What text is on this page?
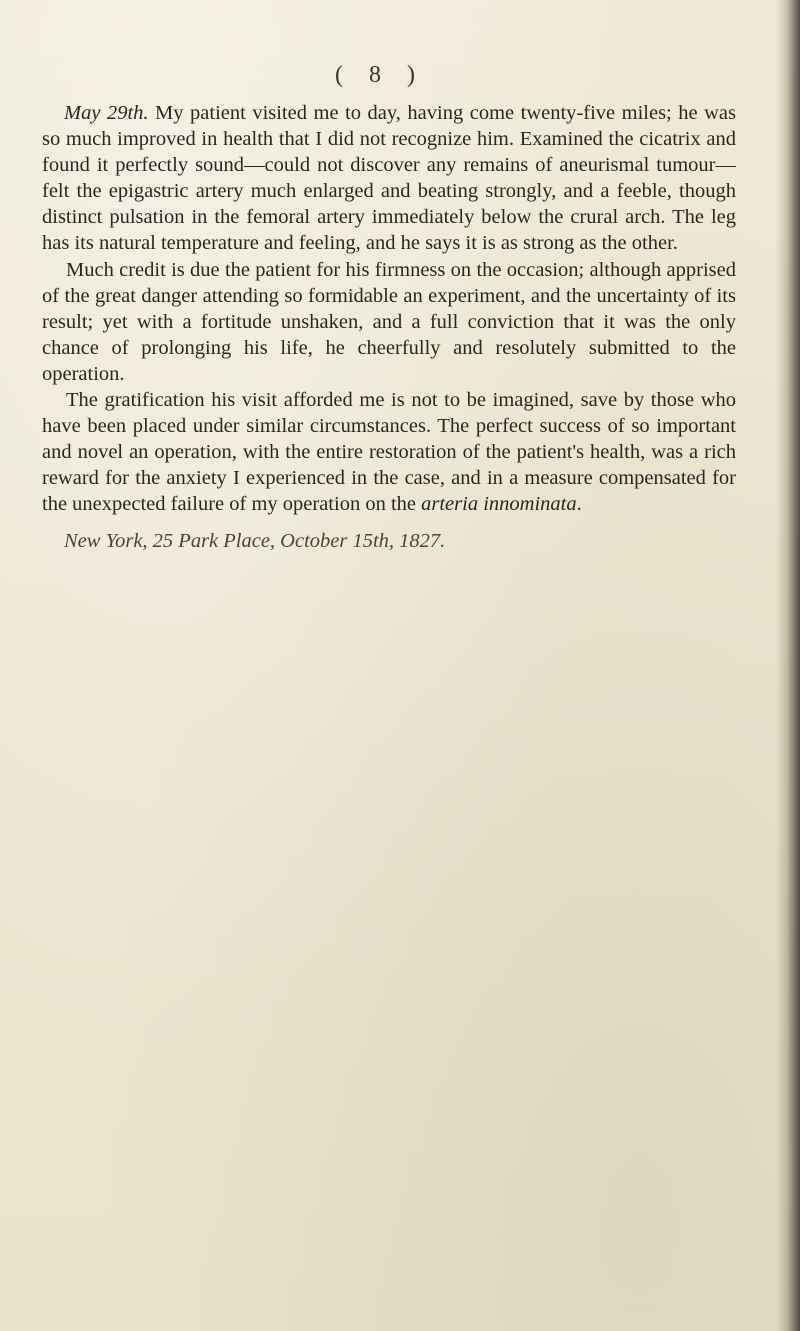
( 8 )

May 29th. My patient visited me to day, having come twenty-five miles; he was so much improved in health that I did not recognize him. Examined the cicatrix and found it perfectly sound—could not discover any remains of aneurismal tumour—felt the epigastric artery much enlarged and beating strongly, and a feeble, though distinct pulsation in the femoral artery immediately below the crural arch. The leg has its natural temperature and feeling, and he says it is as strong as the other.

Much credit is due the patient for his firmness on the occasion; although apprised of the great danger attending so formidable an experiment, and the uncertainty of its result; yet with a fortitude unshaken, and a full conviction that it was the only chance of prolonging his life, he cheerfully and resolutely submitted to the operation.

The gratification his visit afforded me is not to be imagined, save by those who have been placed under similar circumstances. The perfect success of so important and novel an operation, with the entire restoration of the patient's health, was a rich reward for the anxiety I experienced in the case, and in a measure compensated for the unexpected failure of my operation on the arteria innominata.

New York, 25 Park Place, October 15th, 1827.
